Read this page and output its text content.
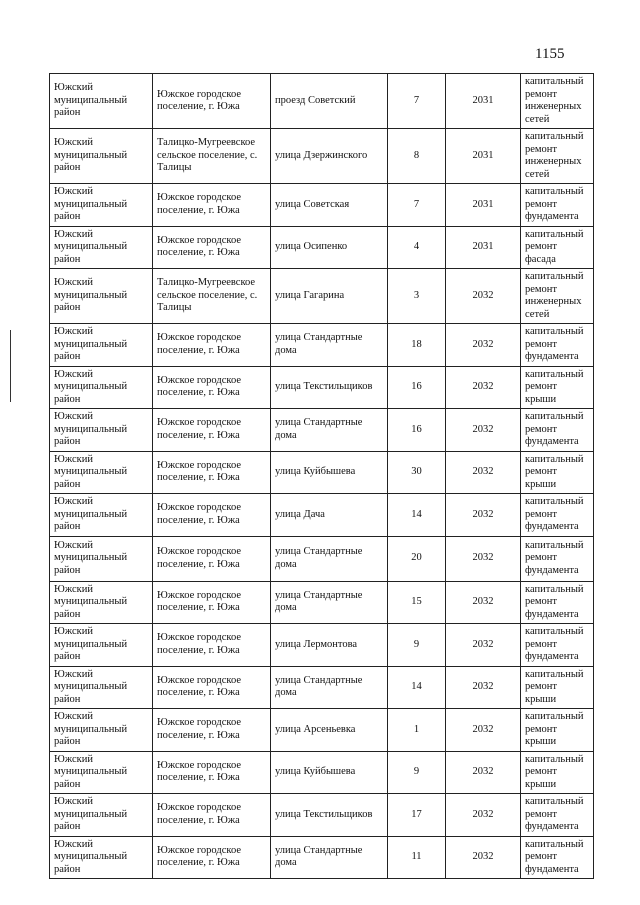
1155
Южский муниципальный район	Южское городское поселение, г. Южа	проезд Советский	7	2031	капитальный ремонт инженерных сетей
Южский муниципальный район	Талицко-Мугреевское сельское поселение, с. Талицы	улица Дзержинского	8	2031	капитальный ремонт инженерных сетей
Южский муниципальный район	Южское городское поселение, г. Южа	улица Советская	7	2031	капитальный ремонт фундамента
Южский муниципальный район	Южское городское поселение, г. Южа	улица Осипенко	4	2031	капитальный ремонт фасада
Южский муниципальный район	Талицко-Мугреевское сельское поселение, с. Талицы	улица Гагарина	3	2032	капитальный ремонт инженерных сетей
Южский муниципальный район	Южское городское поселение, г. Южа	улица Стандартные дома	18	2032	капитальный ремонт фундамента
Южский муниципальный район	Южское городское поселение, г. Южа	улица Текстильщиков	16	2032	капитальный ремонт крыши
Южский муниципальный район	Южское городское поселение, г. Южа	улица Стандартные дома	16	2032	капитальный ремонт фундамента
Южский муниципальный район	Южское городское поселение, г. Южа	улица Куйбышева	30	2032	капитальный ремонт крыши
Южский муниципальный район	Южское городское поселение, г. Южа	улица Дача	14	2032	капитальный ремонт фундамента
Южский муниципальный район	Южское городское поселение, г. Южа	улица Стандартные дома	20	2032	капитальный ремонт фундамента
Южский муниципальный район	Южское городское поселение, г. Южа	улица Стандартные дома	15	2032	капитальный ремонт фундамента
Южский муниципальный район	Южское городское поселение, г. Южа	улица Лермонтова	9	2032	капитальный ремонт фундамента
Южский муниципальный район	Южское городское поселение, г. Южа	улица Стандартные дома	14	2032	капитальный ремонт крыши
Южский муниципальный район	Южское городское поселение, г. Южа	улица Арсеньевка	1	2032	капитальный ремонт крыши
Южский муниципальный район	Южское городское поселение, г. Южа	улица Куйбышева	9	2032	капитальный ремонт крыши
Южский муниципальный район	Южское городское поселение, г. Южа	улица Текстильщиков	17	2032	капитальный ремонт фундамента
Южский муниципальный район	Южское городское поселение, г. Южа	улица Стандартные дома	11	2032	капитальный ремонт фундамента
